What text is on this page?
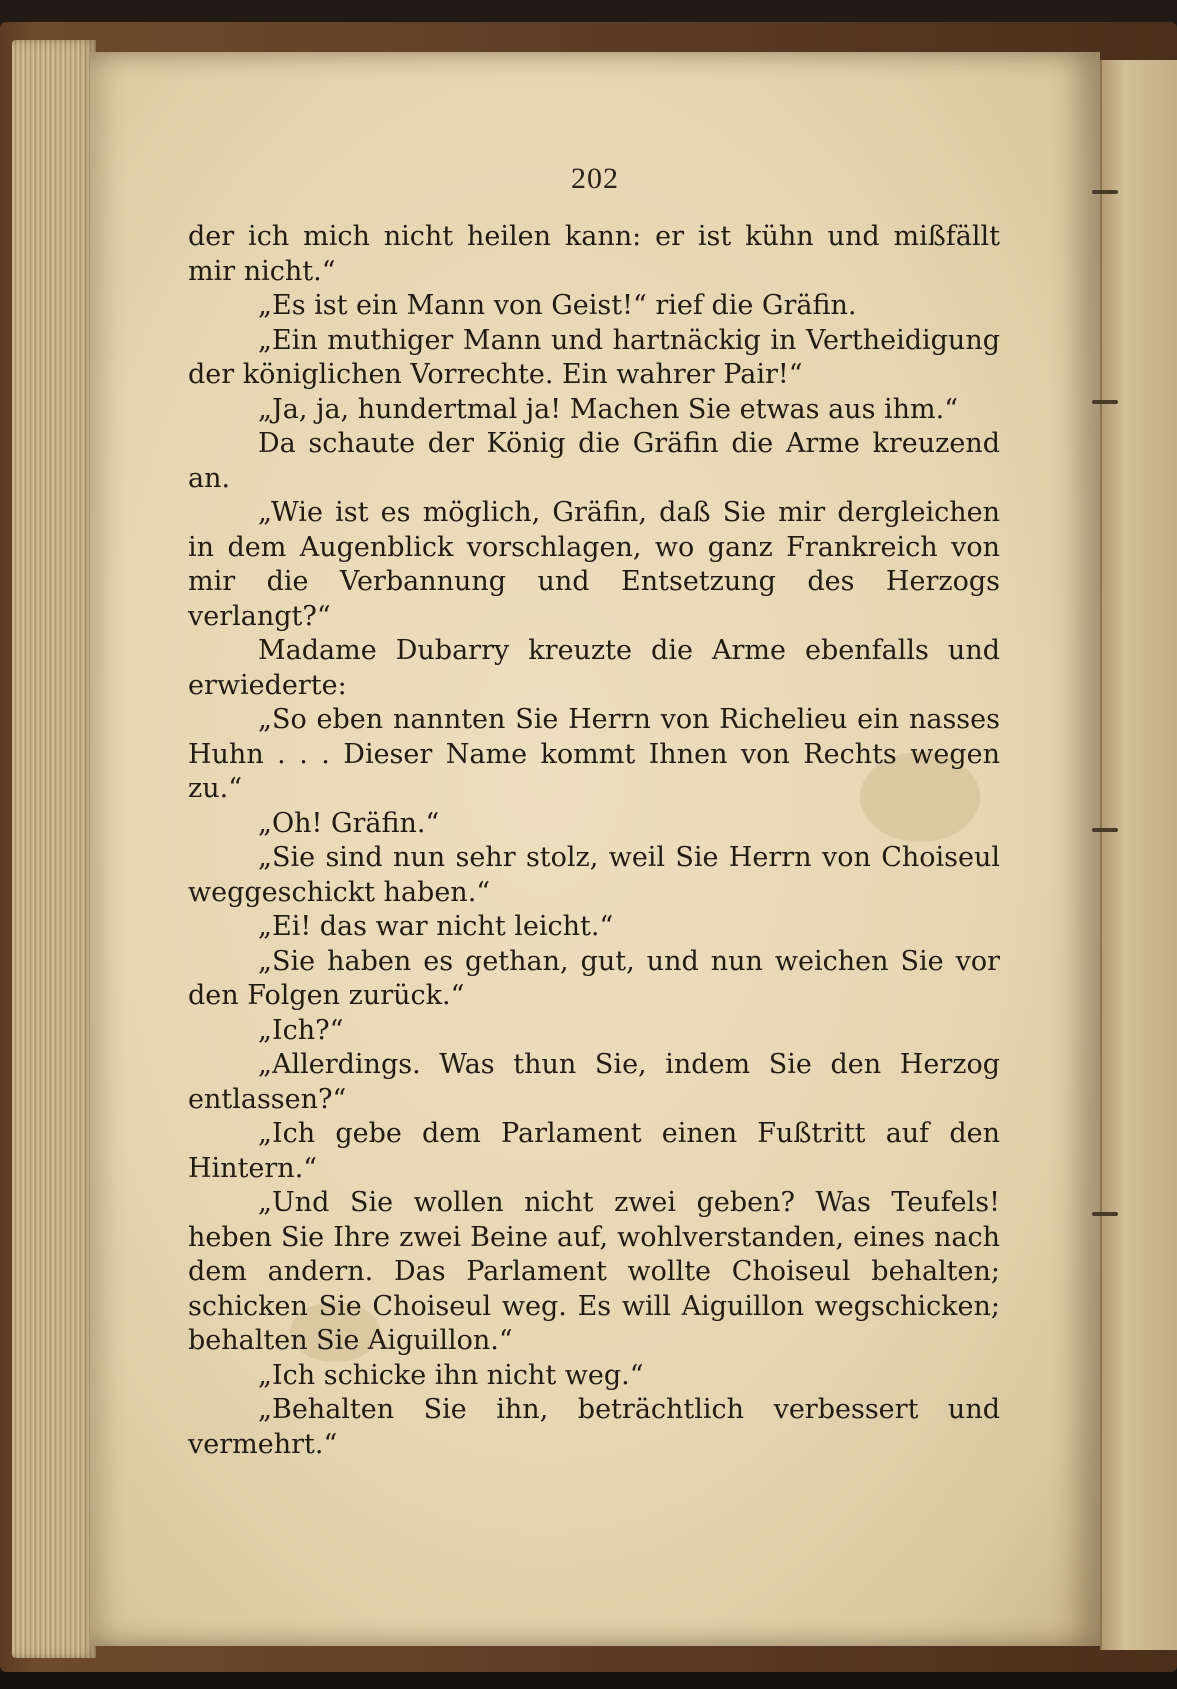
202

der ich mich nicht heilen kann: er ist kühn und mißfällt mir nicht.“

„Es ist ein Mann von Geist!“ rief die Gräfin.

„Ein muthiger Mann und hartnäckig in Vertheidigung der königlichen Vorrechte. Ein wahrer Pair!“

„Ja, ja, hundertmal ja! Machen Sie etwas aus ihm.“

Da schaute der König die Gräfin die Arme kreuzend an.

„Wie ist es möglich, Gräfin, daß Sie mir dergleichen in dem Augenblick vorschlagen, wo ganz Frankreich von mir die Verbannung und Entsetzung des Herzogs verlangt?“

Madame Dubarry kreuzte die Arme ebenfalls und erwiederte:

„So eben nannten Sie Herrn von Richelieu ein nasses Huhn . . . Dieser Name kommt Ihnen von Rechts wegen zu.“

„Oh! Gräfin.“

„Sie sind nun sehr stolz, weil Sie Herrn von Choiseul weggeschickt haben.“

„Ei! das war nicht leicht.“

„Sie haben es gethan, gut, und nun weichen Sie vor den Folgen zurück.“

„Ich?“

„Allerdings. Was thun Sie, indem Sie den Herzog entlassen?“

„Ich gebe dem Parlament einen Fußtritt auf den Hintern.“

„Und Sie wollen nicht zwei geben? Was Teufels! heben Sie Ihre zwei Beine auf, wohlverstanden, eines nach dem andern. Das Parlament wollte Choiseul behalten; schicken Sie Choiseul weg. Es will Aiguillon wegschicken; behalten Sie Aiguillon.“

„Ich schicke ihn nicht weg.“

„Behalten Sie ihn, beträchtlich verbessert und vermehrt.“
